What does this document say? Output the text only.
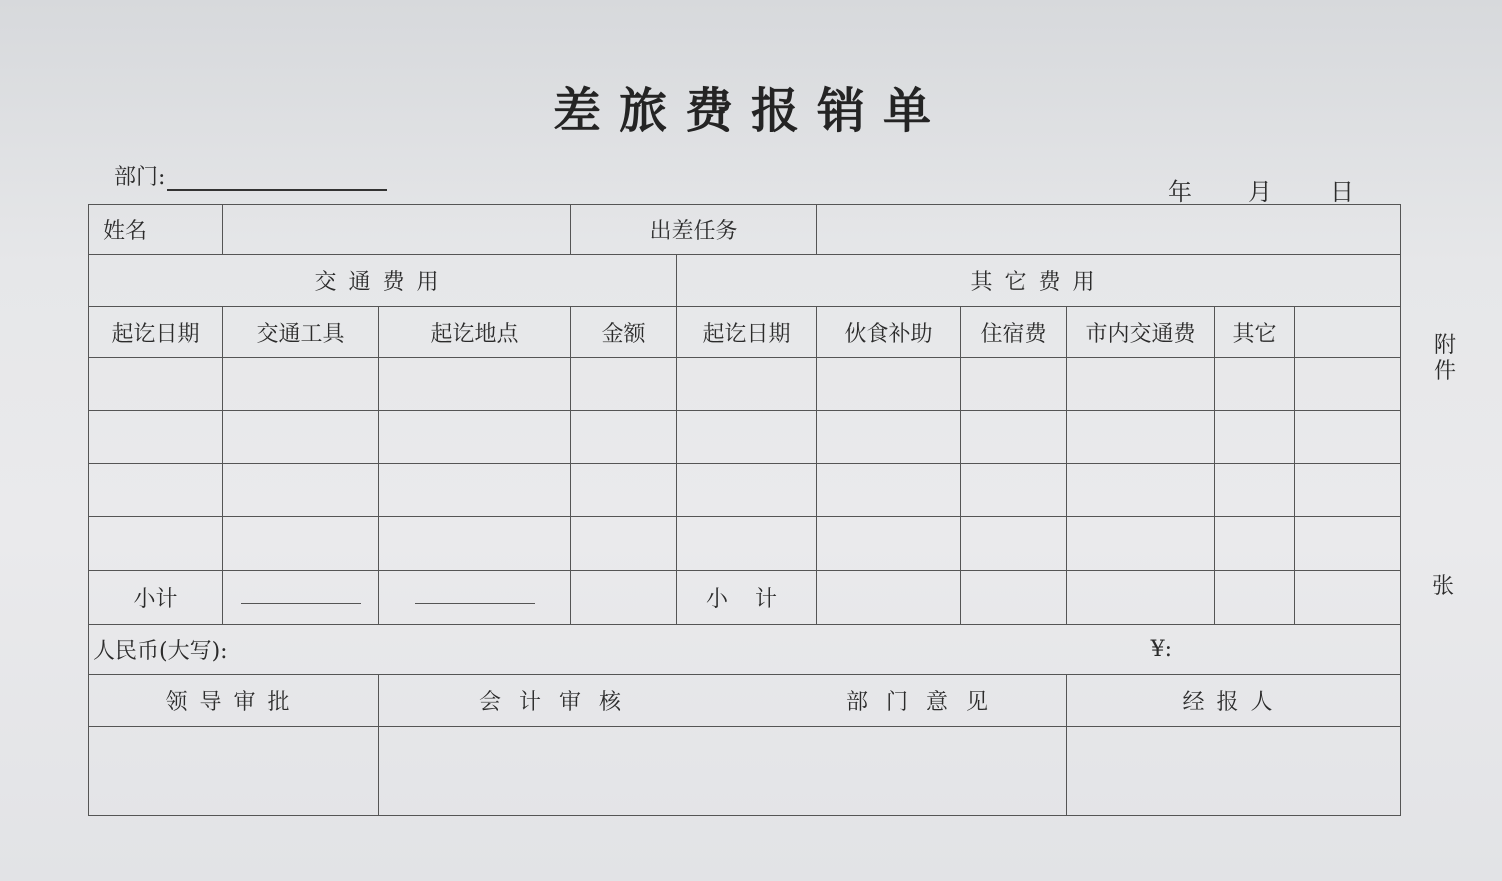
差旅费报销单
部门:
年 月 日
附件
张
姓名			出差任务						
交通费用				其它费用					
起讫日期	交通工具	起讫地点	金额	起讫日期	伙食补助	住宿费	市内交通费	其它	

小计				小 计					

人民币(大写): ¥:									

领导审批		会计审核 部门意见					经报人		
